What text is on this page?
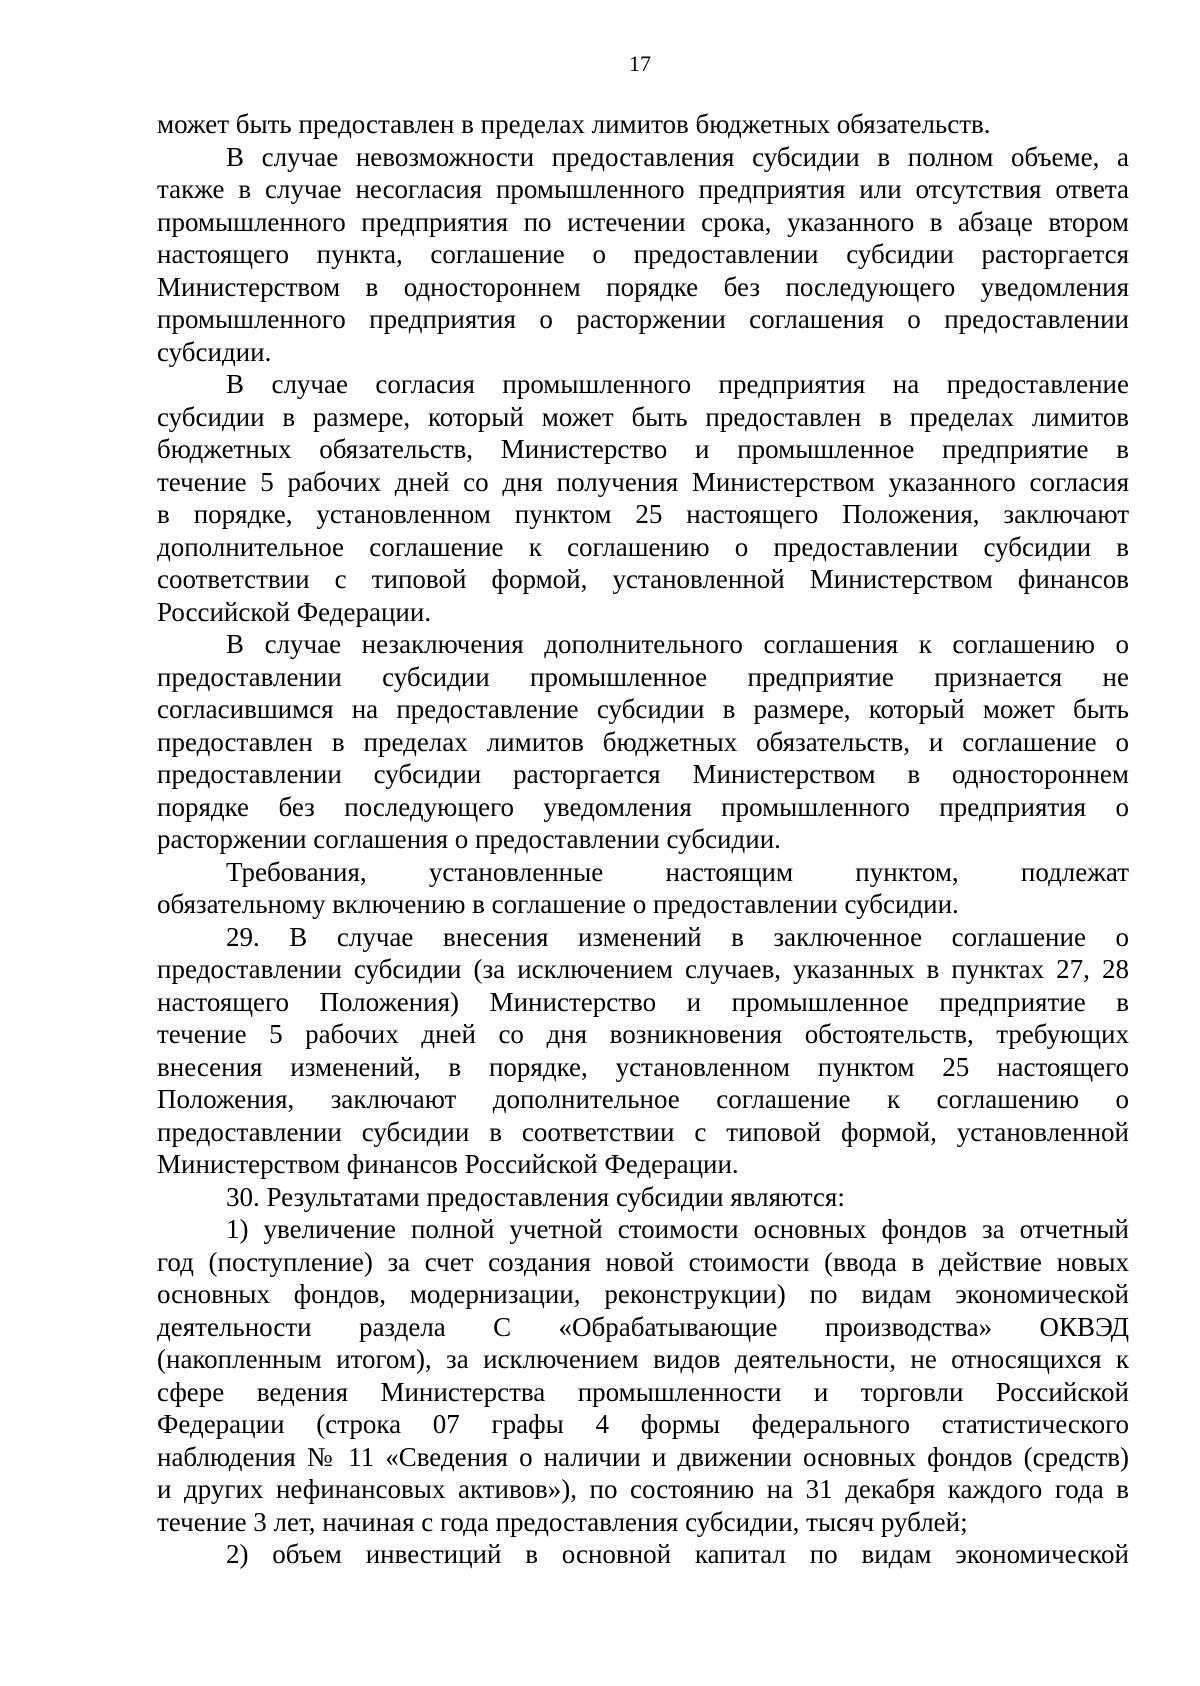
17
может быть предоставлен в пределах лимитов бюджетных обязательств.
В случае невозможности предоставления субсидии в полном объеме, а
также в случае несогласия промышленного предприятия или отсутствия ответа
промышленного предприятия по истечении срока, указанного в абзаце втором
настоящего пункта, соглашение о предоставлении субсидии расторгается
Министерством в одностороннем порядке без последующего уведомления
промышленного предприятия о расторжении соглашения о предоставлении
субсидии.
В случае согласия промышленного предприятия на предоставление
субсидии в размере, который может быть предоставлен в пределах лимитов
бюджетных обязательств, Министерство и промышленное предприятие в
течение 5 рабочих дней со дня получения Министерством указанного согласия
в порядке, установленном пунктом 25 настоящего Положения, заключают
дополнительное соглашение к соглашению о предоставлении субсидии в
соответствии с типовой формой, установленной Министерством финансов
Российской Федерации.
В случае незаключения дополнительного соглашения к соглашению о
предоставлении субсидии промышленное предприятие признается не
согласившимся на предоставление субсидии в размере, который может быть
предоставлен в пределах лимитов бюджетных обязательств, и соглашение о
предоставлении субсидии расторгается Министерством в одностороннем
порядке без последующего уведомления промышленного предприятия о
расторжении соглашения о предоставлении субсидии.
Требования, установленные настоящим пунктом, подлежат
обязательному включению в соглашение о предоставлении субсидии.
29. В случае внесения изменений в заключенное соглашение о
предоставлении субсидии (за исключением случаев, указанных в пунктах 27, 28
настоящего Положения) Министерство и промышленное предприятие в
течение 5 рабочих дней со дня возникновения обстоятельств, требующих
внесения изменений, в порядке, установленном пунктом 25 настоящего
Положения, заключают дополнительное соглашение к соглашению о
предоставлении субсидии в соответствии с типовой формой, установленной
Министерством финансов Российской Федерации.
30. Результатами предоставления субсидии являются:
1) увеличение полной учетной стоимости основных фондов за отчетный
год (поступление) за счет создания новой стоимости (ввода в действие новых
основных фондов, модернизации, реконструкции) по видам экономической
деятельности раздела С «Обрабатывающие производства» ОКВЭД
(накопленным итогом), за исключением видов деятельности, не относящихся к
сфере ведения Министерства промышленности и торговли Российской
Федерации (строка 07 графы 4 формы федерального статистического
наблюдения № 11 «Сведения о наличии и движении основных фондов (средств)
и других нефинансовых активов»), по состоянию на 31 декабря каждого года в
течение 3 лет, начиная с года предоставления субсидии, тысяч рублей;
2) объем инвестиций в основной капитал по видам экономической
